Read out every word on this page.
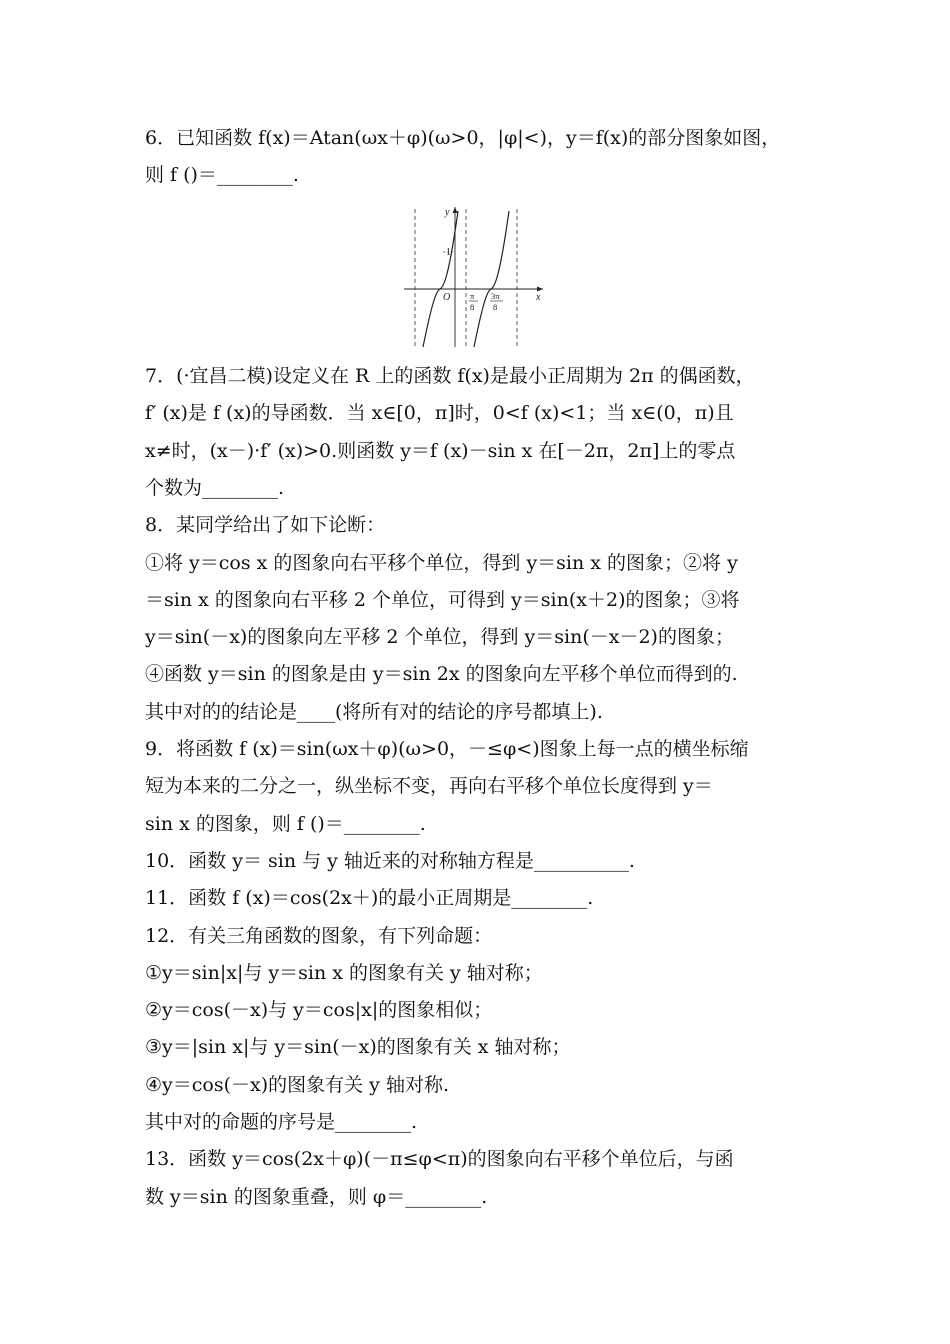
6．已知函数 f(x)＝Atan(ωx＋φ)(ω>0，|φ|<)，y＝f(x)的部分图象如图，
则 f ()＝________.
y
x
1
O π
8
3π
8
7．(·宜昌二模)设定义在 R 上的函数 f(x)是最小正周期为 2π 的偶函数，
f′ (x)是 f (x)的导函数．当 x∈[0，π]时，0<f (x)<1；当 x∈(0，π)且
x≠时，(x－)·f′ (x)>0.则函数 y＝f (x)－sin x 在[－2π，2π]上的零点
个数为________.
8．某同学给出了如下论断：
①将 y＝cos x 的图象向右平移个单位，得到 y＝sin x 的图象；②将 y
＝sin x 的图象向右平移 2 个单位，可得到 y＝sin(x＋2)的图象；③将
y＝sin(－x)的图象向左平移 2 个单位，得到 y＝sin(－x－2)的图象；
④函数 y＝sin 的图象是由 y＝sin 2x 的图象向左平移个单位而得到的.
其中对的的结论是____(将所有对的结论的序号都填上).
9．将函数 f (x)＝sin(ωx＋φ)(ω>0，－≤φ<)图象上每一点的横坐标缩
短为本来的二分之一，纵坐标不变，再向右平移个单位长度得到 y＝
sin x 的图象，则 f ()＝________.
10．函数 y＝ sin 与 y 轴近来的对称轴方程是__________.
11．函数 f (x)＝cos(2x＋)的最小正周期是________.
12．有关三角函数的图象，有下列命题：
①y＝sin|x|与 y＝sin x 的图象有关 y 轴对称；
②y＝cos(－x)与 y＝cos|x|的图象相似；
③y＝|sin x|与 y＝sin(－x)的图象有关 x 轴对称；
④y＝cos(－x)的图象有关 y 轴对称.
其中对的命题的序号是________.
13．函数 y＝cos(2x＋φ)(－π≤φ<π)的图象向右平移个单位后，与函
数 y＝sin 的图象重叠，则 φ＝________.
